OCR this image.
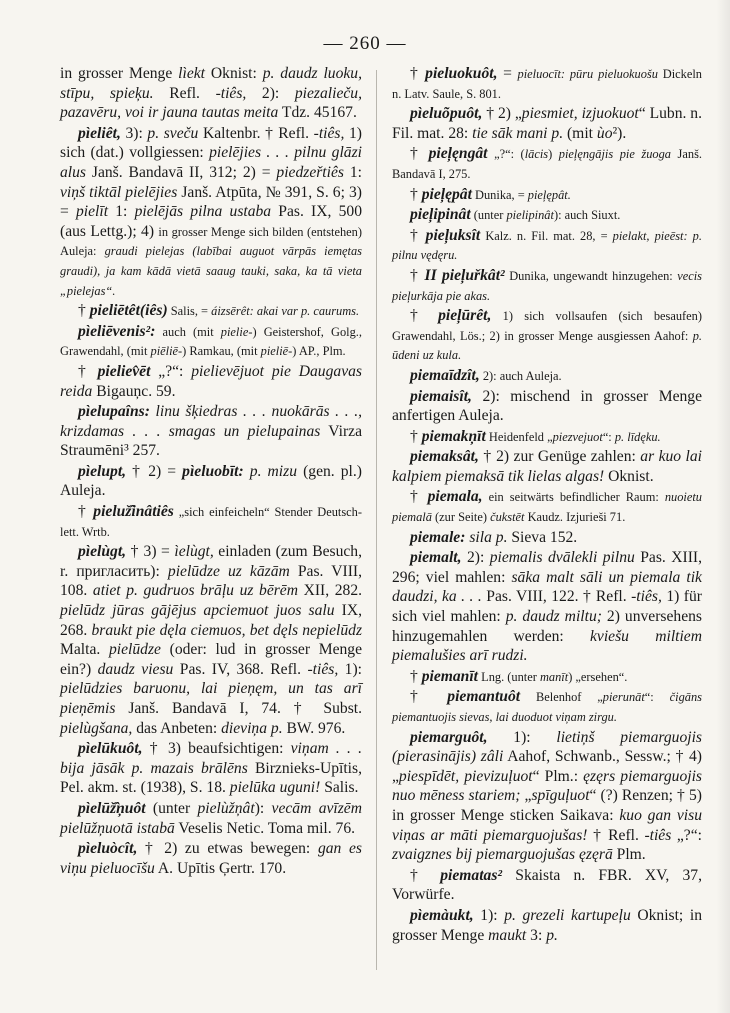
— 260 —

in grosser Menge lìekt Oknist: p. daudz luoku, stīpu, spieķu. Refl. -tiês, 2): piezalieču, pazavēru, voi ir jauna tautas meita Tdz. 45167.

pìeliêt, 3): p. sveču Kaltenbr. † Refl. -tiês, 1) sich (dat.) vollgiessen: pielējies . . . pilnu glāzi alus Janš. Bandavā II, 312; 2) = piedzeřtiês 1: viņš tiktāl pielējies Janš. Atpūta, № 391, S. 6; 3) = pielīt 1: pielējās pilna ustaba Pas. IX, 500 (aus Lettg.); 4) in grosser Menge sich bilden (entstehen) Auleja: graudi pielejas (labībai auguot vārpās iemętas graudi), ja kam kādā vietā saaug tauki, saka, ka tā vieta „pielejas“.

† pieliētêt(iês) Salis, = áizsērêt: akai var p. caurums.

pìeliēvenis²: auch (mit pielie-) Geistershof, Golg., Grawendahl, (mit piēliē-) Ramkau, (mit pieliē-) AP., Plm.

† pieliev̂ēt „?“: pielievējuot pie Daugavas reida Bigauņc. 59.

pìelupaîns: linu šķiedras . . . nuokārās . . ., krizdamas . . . smagas un pielupainas Virza Straumēni³ 257.

pìelupt, † 2) = pìeluobīt: p. mizu (gen. pl.) Auleja.

† pieluž̂inâtiês „sich einfeicheln“ Stender Deutsch-lett. Wrtb.

pìelùgt, † 3) = ìelùgt, einladen (zum Besuch, r. пригласить): pielūdze uz kāzām Pas. VIII, 108. atiet p. gudruos brāļu uz bērēm XII, 282. pielūdz jūras gājējus apciemuot juos salu IX, 268. braukt pie dęla ciemuos, bet dęls nepielūdz Malta. pielūdze (oder: lud in grosser Menge ein?) daudz viesu Pas. IV, 368. Refl. -tiês, 1): pielūdzies baruonu, lai pieņęm, un tas arī pieņēmis Janš. Bandavā I, 74. † Subst. pielùgšana, das Anbeten: dieviņa p. BW. 976.

pìelūkuôt, † 3) beaufsichtigen: viņam . . . bija jāsāk p. mazais brālēns Birznieks-Upītis, Pel. akm. st. (1938), S. 18. pielūka uguni! Salis.

pìelūž̂ņuôt (unter pielùžņât): vecām avīzēm pielūžņuotā istabā Veselis Netic. Toma mil. 76.

pìeluòcît, † 2) zu etwas bewegen: gan es viņu pieluocīšu A. Upītis Ģertr. 170.

† pieluokuôt, = pieluocīt: pūru pieluokuošu Dickeln n. Latv. Saule, S. 801.

pìeluõpuôt, † 2) „piesmiet, izjuokuot“ Lubn. n. Fil. mat. 28: tie sāk mani p. (mit ùo²).

† pieļęngât „?“: (lācis) pieļęngājis pie žuoga Janš. Bandavā I, 275.

† pieļępât Dunika, = pieļępât.

pieļipinât (unter pielipinât): auch Siuxt.

† pieļuksît Kalz. n. Fil. mat. 28, = pielakt, pieēst: p. pilnu vędęru.

† II pieļuřkât² Dunika, ungewandt hinzugehen: vecis pieļurkāja pie akas.

† pieļūrêt, 1) sich vollsaufen (sich besaufen) Grawendahl, Lös.; 2) in grosser Menge ausgiessen Aahof: p. ūdeni uz kula.

piemaīdzît, 2): auch Auleja.

piemaisît, 2): mischend in grosser Menge anfertigen Auleja.

† piemakņīt Heidenfeld „piezvejuot“: p. līdęku.

piemaksât, † 2) zur Genüge zahlen: ar kuo lai kalpiem piemaksā tik lielas algas! Oknist.

† piemala, ein seitwärts befindlicher Raum: nuoietu piemalā (zur Seite) čukstēt Kaudz. Izjurieši 71.

piemale: sila p. Sieva 152.

piemalt, 2): piemalis dvālekli pilnu Pas. XIII, 296; viel mahlen: sāka malt sāli un piemala tik daudzi, ka . . . Pas. VIII, 122. † Refl. -tiês, 1) für sich viel mahlen: p. daudz miltu; 2) unversehens hinzugemahlen werden: kviešu miltiem piemalušies arī rudzi.

† piemanīt Lng. (unter manīt) „ersehen“.

† piemantuôt Belenhof „pierunāt“: čigāns piemantuojis sievas, lai duoduot viņam zirgu.

piemarguôt, 1): lietiņš piemarguojis (pierasinājis) zâli Aahof, Schwanb., Sessw.; † 4) „piespīdēt, pievizuļuot“ Plm.: ęzęrs piemarguojis nuo mēness stariem; „spīguļuot“ (?) Renzen; † 5) in grosser Menge sticken Saikava: kuo gan visu viņas ar māti piemarguojušas! † Refl. -tiês „?“: zvaigznes bij piemarguojušas ęzęrā Plm.

† piematas² Skaista n. FBR. XV, 37, Vorwürfe.

pìemàukt, 1): p. grezeli kartupeļu Oknist; in grosser Menge maukt 3: p.
